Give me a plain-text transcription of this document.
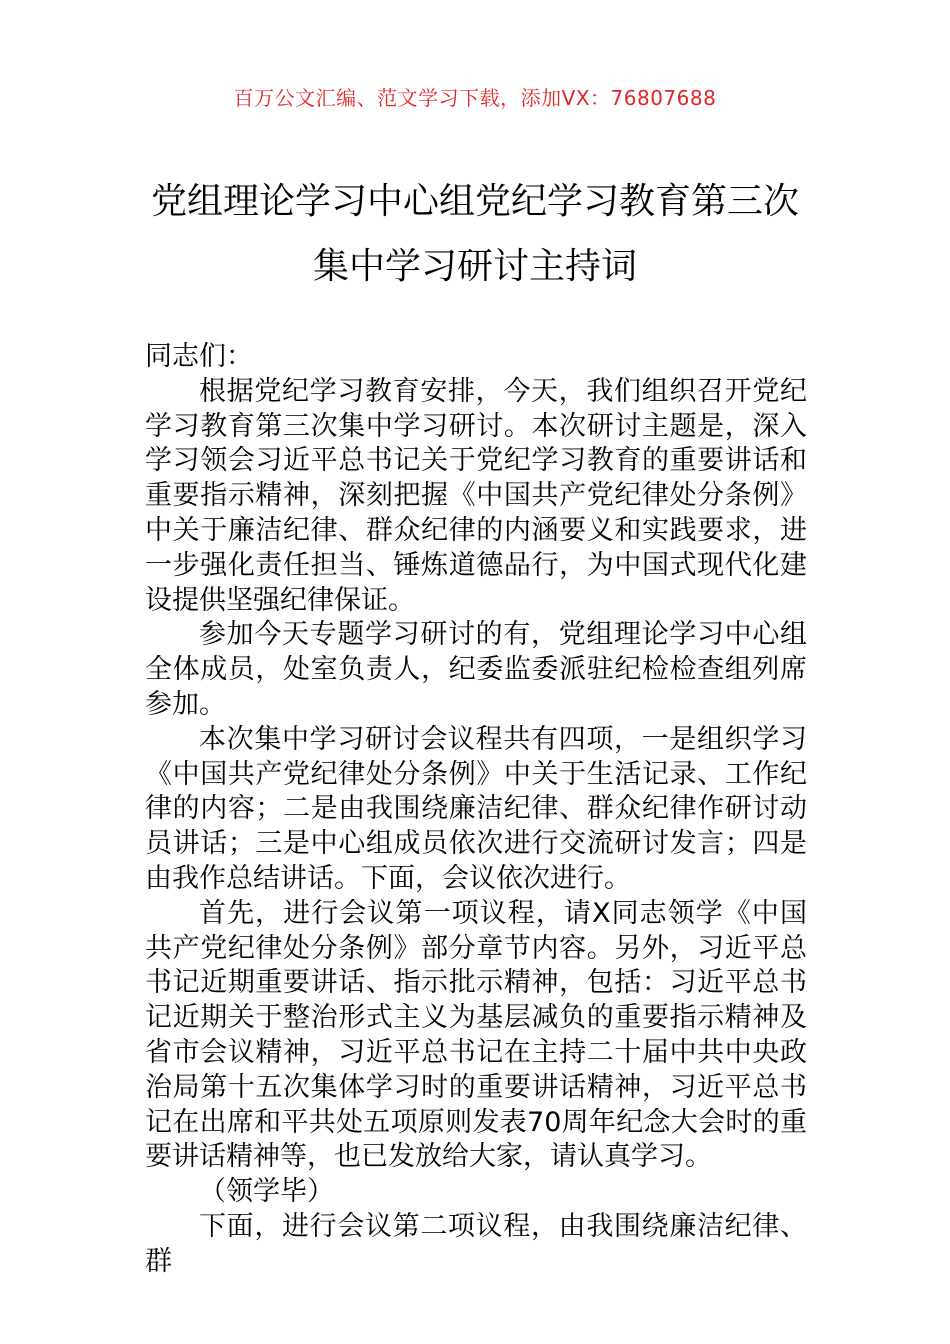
百万公文汇编、范文学习下载，添加VX：76807688
党组理论学习中心组党纪学习教育第三次
集中学习研讨主持词

同志们：

根据党纪学习教育安排，今天，我们组织召开党纪学习教育第三次集中学习研讨。本次研讨主题是，深入学习领会习近平总书记关于党纪学习教育的重要讲话和重要指示精神，深刻把握《中国共产党纪律处分条例》中关于廉洁纪律、群众纪律的内涵要义和实践要求，进一步强化责任担当、锤炼道德品行，为中国式现代化建设提供坚强纪律保证。

参加今天专题学习研讨的有，党组理论学习中心组全体成员，处室负责人，纪委监委派驻纪检检查组列席参加。

本次集中学习研讨会议程共有四项，一是组织学习《中国共产党纪律处分条例》中关于生活记录、工作纪律的内容；二是由我围绕廉洁纪律、群众纪律作研讨动员讲话；三是中心组成员依次进行交流研讨发言；四是由我作总结讲话。下面，会议依次进行。

首先，进行会议第一项议程，请X同志领学《中国共产党纪律处分条例》部分章节内容。另外，习近平总书记近期重要讲话、指示批示精神，包括：习近平总书记近期关于整治形式主义为基层减负的重要指示精神及省市会议精神，习近平总书记在主持二十届中共中央政治局第十五次集体学习时的重要讲话精神，习近平总书记在出席和平共处五项原则发表70周年纪念大会时的重要讲话精神等，也已发放给大家，请认真学习。

（领学毕）

下面，进行会议第二项议程，由我围绕廉洁纪律、群
